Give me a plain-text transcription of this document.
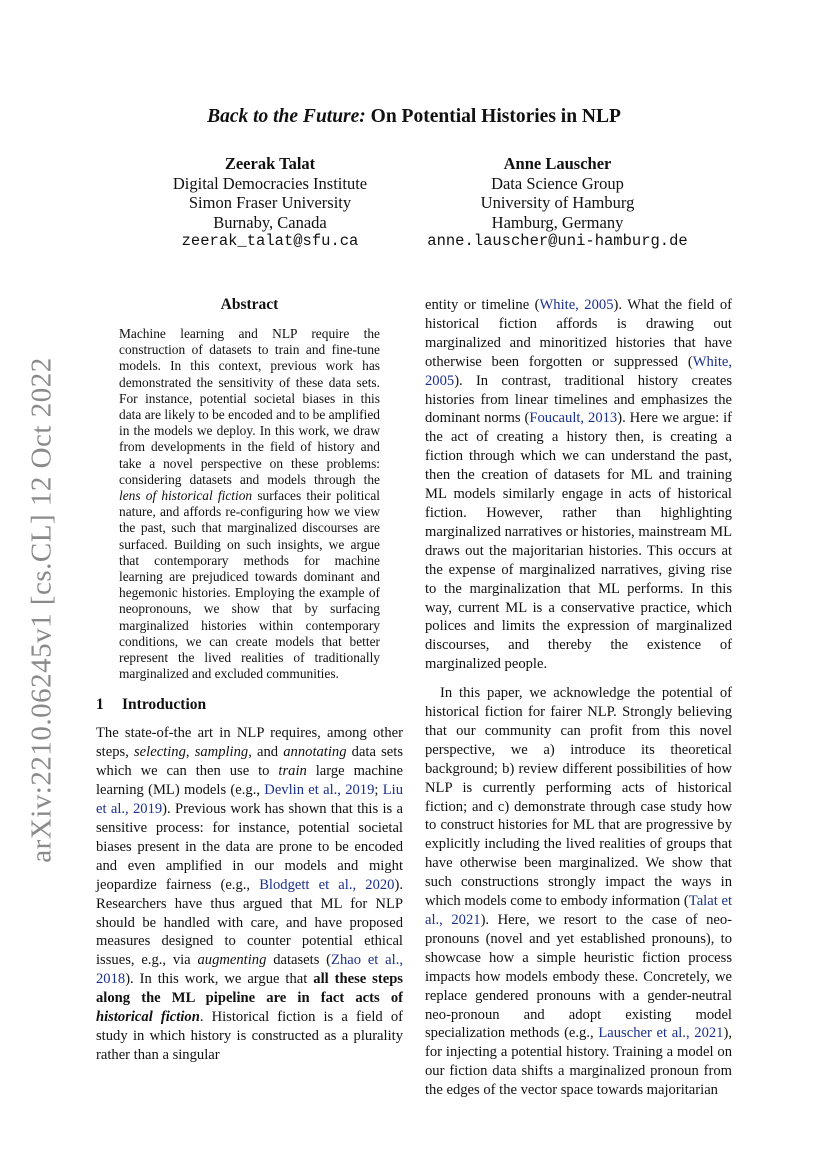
arXiv:2210.06245v1 [cs.CL] 12 Oct 2022
Back to the Future: On Potential Histories in NLP
Zeerak Talat
Digital Democracies Institute
Simon Fraser University
Burnaby, Canada
zeerak_talat@sfu.ca
Anne Lauscher
Data Science Group
University of Hamburg
Hamburg, Germany
anne.lauscher@uni-hamburg.de
Abstract

Machine learning and NLP require the construction of datasets to train and fine-tune models. In this context, previous work has demonstrated the sensitivity of these data sets. For instance, potential societal biases in this data are likely to be encoded and to be amplified in the models we deploy. In this work, we draw from developments in the field of history and take a novel perspective on these problems: considering datasets and models through the lens of historical fiction surfaces their political nature, and affords re-configuring how we view the past, such that marginalized discourses are surfaced. Building on such insights, we argue that contemporary methods for machine learning are prejudiced towards dominant and hegemonic histories. Employing the example of neopronouns, we show that by surfacing marginalized histories within contemporary conditions, we can create models that better represent the lived realities of traditionally marginalized and excluded communities.

1 Introduction

The state-of-the art in NLP requires, among other steps, selecting, sampling, and annotating data sets which we can then use to train large machine learning (ML) models (e.g., Devlin et al., 2019; Liu et al., 2019). Previous work has shown that this is a sensitive process: for instance, potential societal biases present in the data are prone to be encoded and even amplified in our models and might jeopardize fairness (e.g., Blodgett et al., 2020). Researchers have thus argued that ML for NLP should be handled with care, and have proposed measures designed to counter potential ethical issues, e.g., via augmenting datasets (Zhao et al., 2018). In this work, we argue that all these steps along the ML pipeline are in fact acts of historical fiction. Historical fiction is a field of study in which history is constructed as a plurality rather than a singular

entity or timeline (White, 2005). What the field of historical fiction affords is drawing out marginalized and minoritized histories that have otherwise been forgotten or suppressed (White, 2005). In contrast, traditional history creates histories from linear timelines and emphasizes the dominant norms (Foucault, 2013). Here we argue: if the act of creating a history then, is creating a fiction through which we can understand the past, then the creation of datasets for ML and training ML models similarly engage in acts of historical fiction. However, rather than highlighting marginalized narratives or histories, mainstream ML draws out the majoritarian histories. This occurs at the expense of marginalized narratives, giving rise to the marginalization that ML performs. In this way, current ML is a conservative practice, which polices and limits the expression of marginalized discourses, and thereby the existence of marginalized people.

In this paper, we acknowledge the potential of historical fiction for fairer NLP. Strongly believing that our community can profit from this novel perspective, we a) introduce its theoretical background; b) review different possibilities of how NLP is currently performing acts of historical fiction; and c) demonstrate through case study how to construct histories for ML that are progressive by explicitly including the lived realities of groups that have otherwise been marginalized. We show that such constructions strongly impact the ways in which models come to embody information (Talat et al., 2021). Here, we resort to the case of neo-pronouns (novel and yet established pronouns), to showcase how a simple heuristic fiction process impacts how models embody these. Concretely, we replace gendered pronouns with a gender-neutral neo-pronoun and adopt existing model specialization methods (e.g., Lauscher et al., 2021), for injecting a potential history. Training a model on our fiction data shifts a marginalized pronoun from the edges of the vector space towards majoritarian
